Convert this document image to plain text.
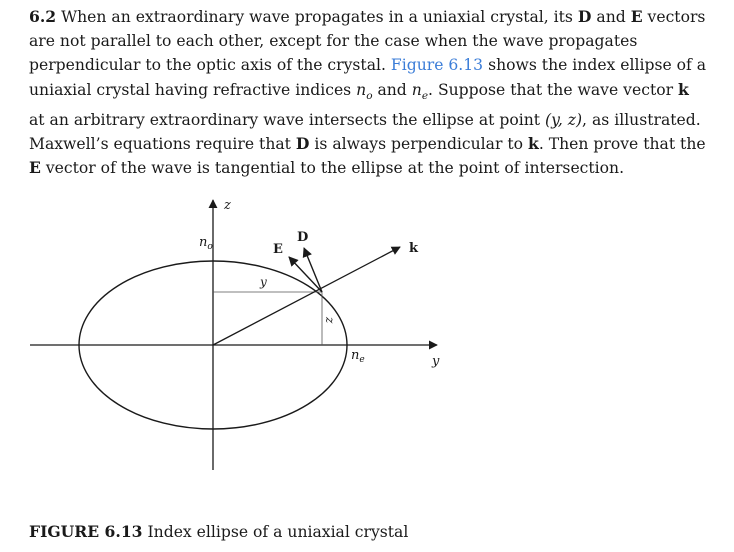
6.2 When an extraordinary wave propagates in a uniaxial crystal, its D and E vectors are not parallel to each other, except for the case when the wave propagates perpendicular to the optic axis of the crystal. Figure 6.13 shows the index ellipse of a uniaxial crystal having refractive indices $n_o$ and $n_e$. Suppose that the wave vector k at an arbitrary extraordinary wave intersects the ellipse at point (y, z), as illustrated. Maxwell’s equations require that D is always perpendicular to k. Then prove that the E vector of the wave is tangential to the ellipse at the point of intersection.

z
y
$n_o$
$n_e$
E
D
k
y
z

FIGURE 6.13 Index ellipse of a uniaxial crystal
